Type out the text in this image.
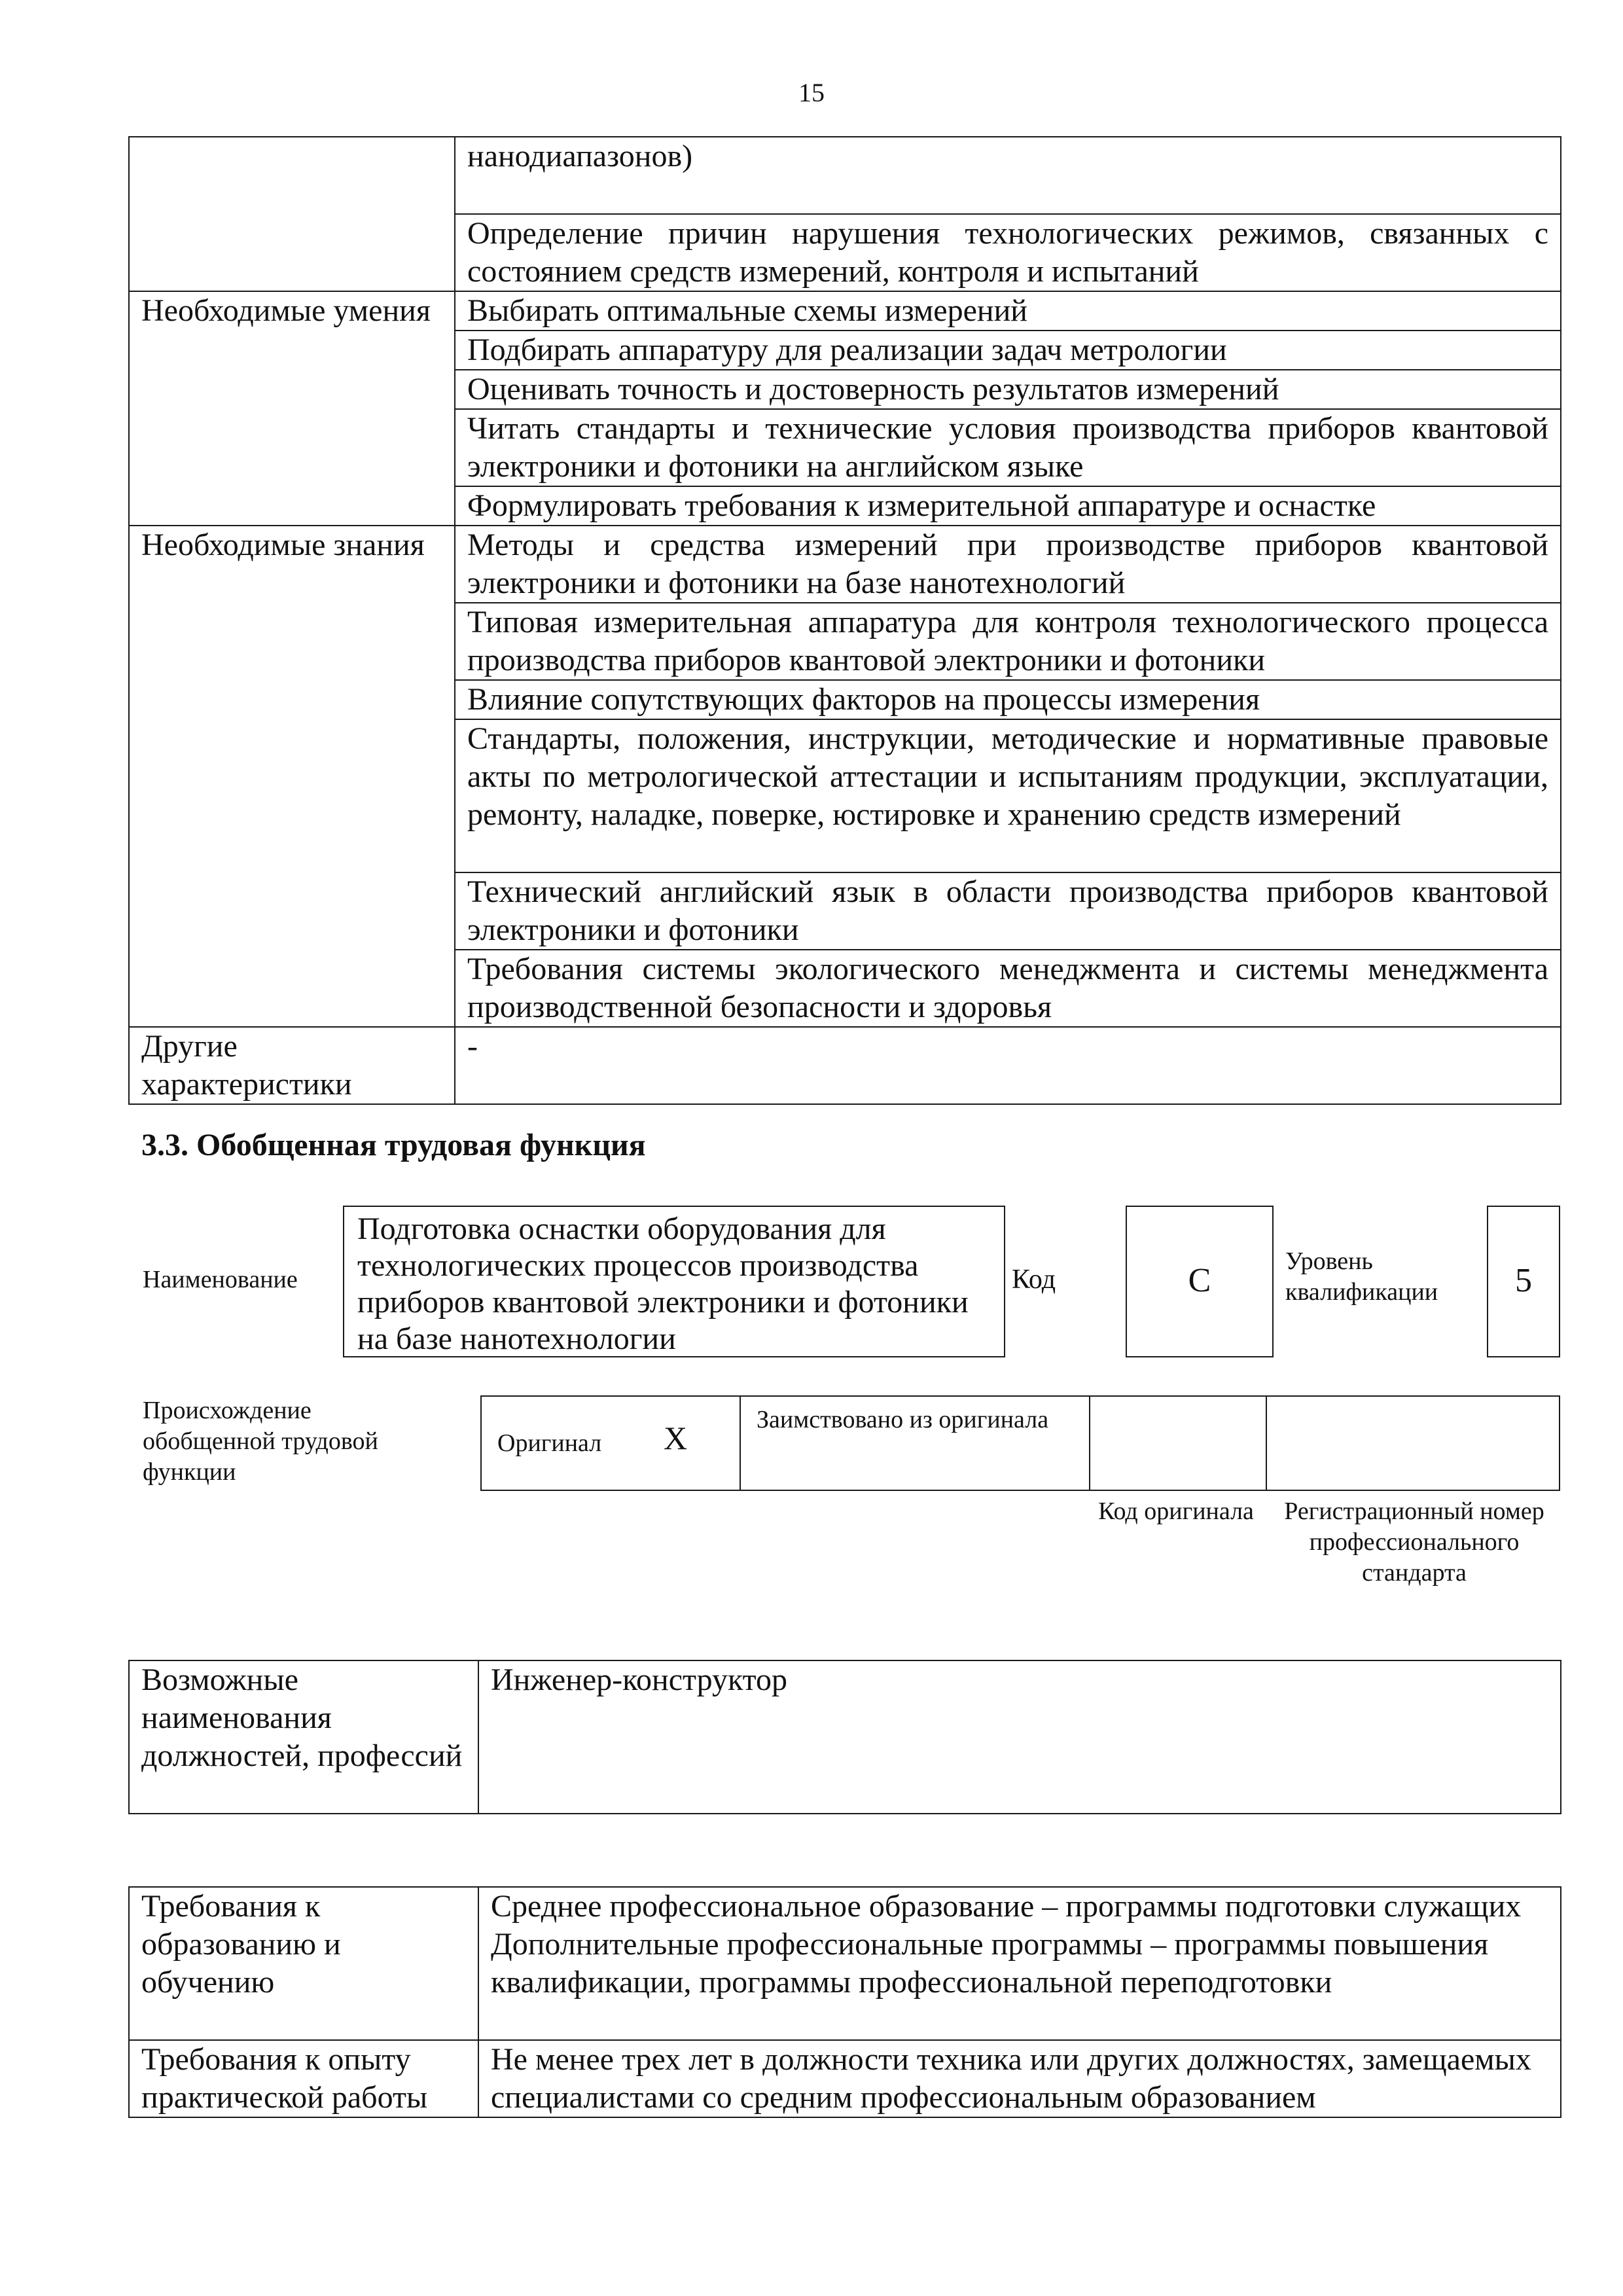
15
	нанодиапазонов)
	Определение причин нарушения технологических режимов, связанных с состоянием средств измерений, контроля и испытаний
Необходимые умения	Выбирать оптимальные схемы измерений
	Подбирать аппаратуру для реализации задач метрологии
	Оценивать точность и достоверность результатов измерений
	Читать стандарты и технические условия производства приборов квантовой электроники и фотоники на английском языке
	Формулировать требования к измерительной аппаратуре и оснастке
Необходимые знания	Методы и средства измерений при производстве приборов квантовой электроники и фотоники на базе нанотехнологий
	Типовая измерительная аппаратура для контроля технологического процесса производства приборов квантовой электроники и фотоники
	Влияние сопутствующих факторов на процессы измерения
	Стандарты, положения, инструкции, методические и нормативные правовые акты по метрологической аттестации и испытаниям продукции, эксплуатации, ремонту, наладке, поверке, юстировке и хранению средств измерений
	Технический английский язык в области производства приборов квантовой электроники и фотоники
	Требования системы экологического менеджмента и системы менеджмента производственной безопасности и здоровья
Другие характеристики	-
3.3. Обобщенная трудовая функция
Наименование
Подготовка оснастки оборудования для технологических процессов производства приборов квантовой электроники и фотоники на базе нанотехнологии
Код	C
Уровень квалификации	5
Происхождение обобщенной трудовой функции
Оригинал X	Заимствовано из оригинала
Код оригинала	Регистрационный номер профессионального стандарта
Возможные наименования должностей, профессий	Инженер-конструктор
Требования к образованию и обучению	Среднее профессиональное образование – программы подготовки служащих
Дополнительные профессиональные программы – программы повышения квалификации, программы профессиональной переподготовки

Требования к опыту практической работы	Не менее трех лет в должности техника или других должностях, замещаемых специалистами со средним профессиональным образованием
